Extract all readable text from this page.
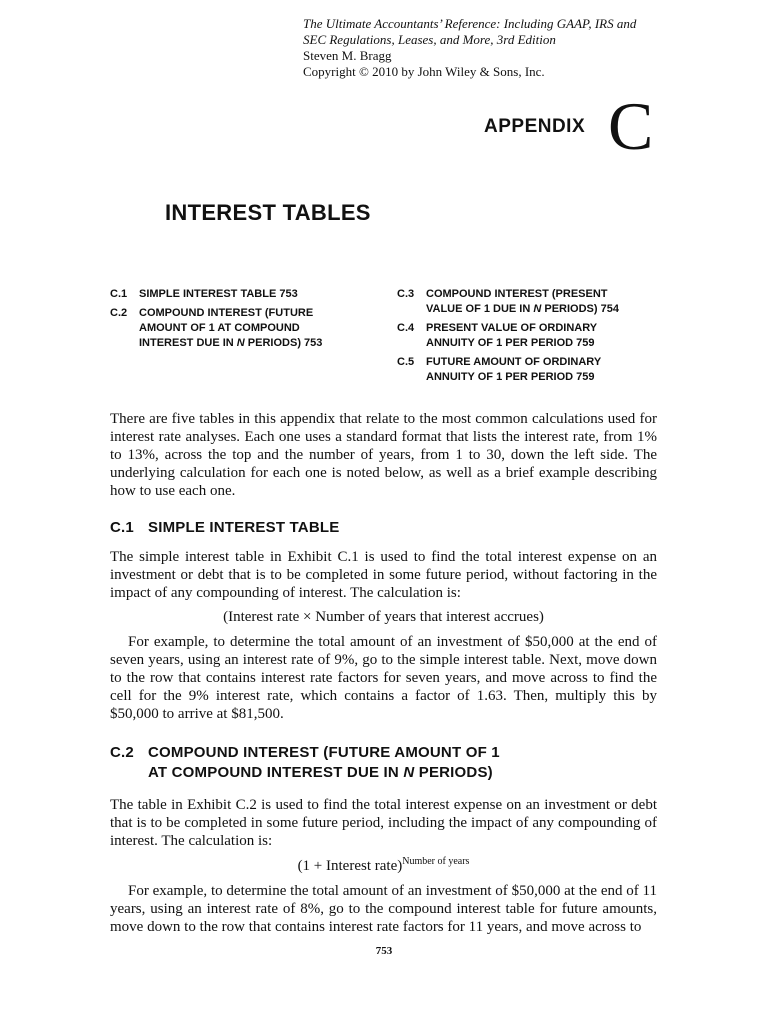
The Ultimate Accountants’ Reference: Including GAAP, IRS and
SEC Regulations, Leases, and More, 3rd Edition
Steven M. Bragg
Copyright © 2010 by John Wiley & Sons, Inc.
APPENDIX C
INTEREST TABLES
C.1	SIMPLE INTEREST TABLE 753
C.2	COMPOUND INTEREST (FUTURE AMOUNT OF 1 AT COMPOUND INTEREST DUE IN N PERIODS) 753
C.3	COMPOUND INTEREST (PRESENT VALUE OF 1 DUE IN N PERIODS) 754
C.4	PRESENT VALUE OF ORDINARY ANNUITY OF 1 PER PERIOD 759
C.5	FUTURE AMOUNT OF ORDINARY ANNUITY OF 1 PER PERIOD 759
There are five tables in this appendix that relate to the most common calculations used for interest rate analyses. Each one uses a standard format that lists the interest rate, from 1% to 13%, across the top and the number of years, from 1 to 30, down the left side. The underlying calculation for each one is noted below, as well as a brief example describing how to use each one.
C.1 SIMPLE INTEREST TABLE
The simple interest table in Exhibit C.1 is used to find the total interest expense on an investment or debt that is to be completed in some future period, without factoring in the impact of any compounding of interest. The calculation is:
(Interest rate × Number of years that interest accrues)
For example, to determine the total amount of an investment of $50,000 at the end of seven years, using an interest rate of 9%, go to the simple interest table. Next, move down to the row that contains interest rate factors for seven years, and move across to find the cell for the 9% interest rate, which contains a factor of 1.63. Then, multiply this by $50,000 to arrive at $81,500.
C.2 COMPOUND INTEREST (FUTURE AMOUNT OF 1
AT COMPOUND INTEREST DUE IN N PERIODS)
The table in Exhibit C.2 is used to find the total interest expense on an investment or debt that is to be completed in some future period, including the impact of any compounding of interest. The calculation is:
(1 + Interest rate)$^{Number of years}$
For example, to determine the total amount of an investment of $50,000 at the end of 11 years, using an interest rate of 8%, go to the compound interest table for future amounts, move down to the row that contains interest rate factors for 11 years, and move across to
753
